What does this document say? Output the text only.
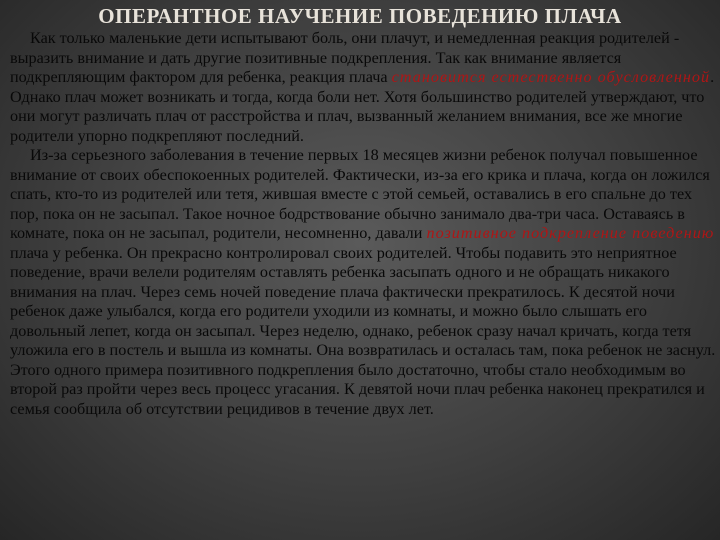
ОПЕРАНТНОЕ НАУЧЕНИЕ ПОВЕДЕНИЮ ПЛАЧА

Как только маленькие дети испытывают боль, они плачут, и немедленная реакция родителей - выразить внимание и дать другие позитивные подкрепления. Так как внимание является подкрепляющим фактором для ребенка, реакция плача становится естественно обусловленной. Однако плач может возникать и тогда, когда боли нет. Хотя большинство родителей утверждают, что они могут различать плач от расстройства и плач, вызванный желанием внимания, все же многие родители упорно подкрепляют последний.

Из-за серьезного заболевания в течение первых 18 месяцев жизни ребенок получал повышенное внимание от своих обеспокоенных родителей. Фактически, из-за его крика и плача, когда он ложился спать, кто-то из родителей или тетя, жившая вместе с этой семьей, оставались в его спальне до тех пор, пока он не засыпал. Такое ночное бодрствование обычно занимало два-три часа. Оставаясь в комнате, пока он не засыпал, родители, несомненно, давали позитивное подкрепление поведению плача у ребенка. Он прекрасно контролировал своих родителей. Чтобы подавить это неприятное поведение, врачи велели родителям оставлять ребенка засыпать одного и не обращать никакого внимания на плач. Через семь ночей поведение плача фактически прекратилось. К десятой ночи ребенок даже улыбался, когда его родители уходили из комнаты, и можно было слышать его довольный лепет, когда он засыпал. Через неделю, однако, ребенок сразу начал кричать, когда тетя уложила его в постель и вышла из комнаты. Она возвратилась и осталась там, пока ребенок не заснул. Этого одного примера позитивного подкрепления было достаточно, чтобы стало необходимым во второй раз пройти через весь процесс угасания. К девятой ночи плач ребенка наконец прекратился и семья сообщила об отсутствии рецидивов в течение двух лет.
